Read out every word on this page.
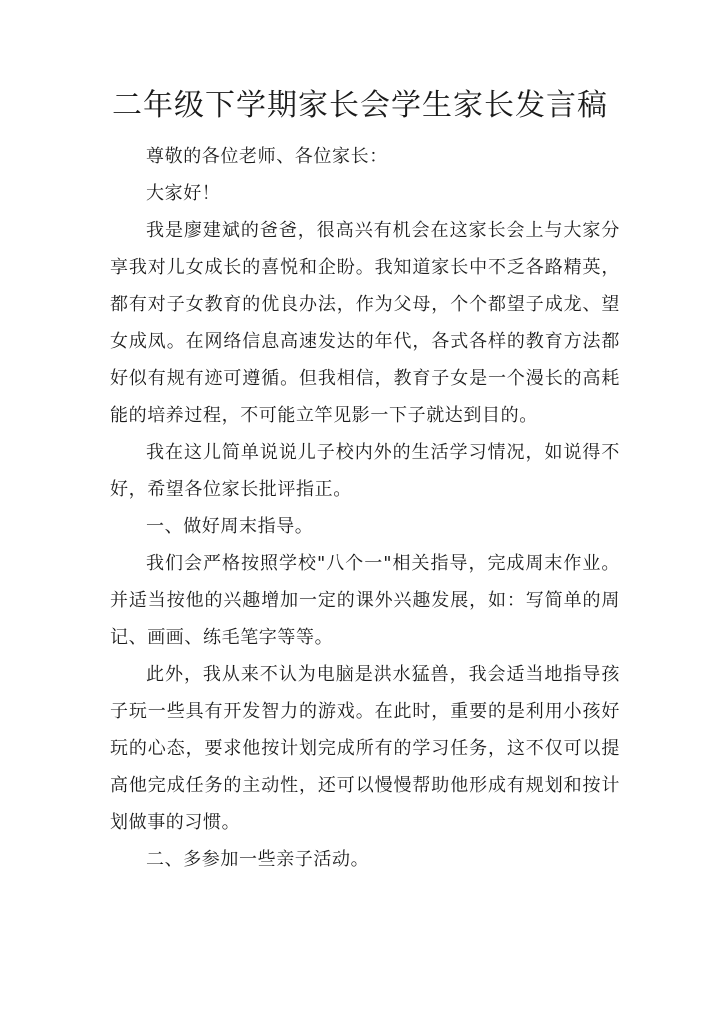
二年级下学期家长会学生家长发言稿

尊敬的各位老师、各位家长：

大家好！

我是廖建斌的爸爸，很高兴有机会在这家长会上与大家分享我对儿女成长的喜悦和企盼。我知道家长中不乏各路精英，都有对子女教育的优良办法，作为父母，个个都望子成龙、望女成凤。在网络信息高速发达的年代，各式各样的教育方法都好似有规有迹可遵循。但我相信，教育子女是一个漫长的高耗能的培养过程，不可能立竿见影一下子就达到目的。

我在这儿简单说说儿子校内外的生活学习情况，如说得不好，希望各位家长批评指正。

一、做好周末指导。

我们会严格按照学校"八个一"相关指导，完成周末作业。并适当按他的兴趣增加一定的课外兴趣发展，如：写简单的周记、画画、练毛笔字等等。

此外，我从来不认为电脑是洪水猛兽，我会适当地指导孩子玩一些具有开发智力的游戏。在此时，重要的是利用小孩好玩的心态，要求他按计划完成所有的学习任务，这不仅可以提高他完成任务的主动性，还可以慢慢帮助他形成有规划和按计划做事的习惯。

二、多参加一些亲子活动。
